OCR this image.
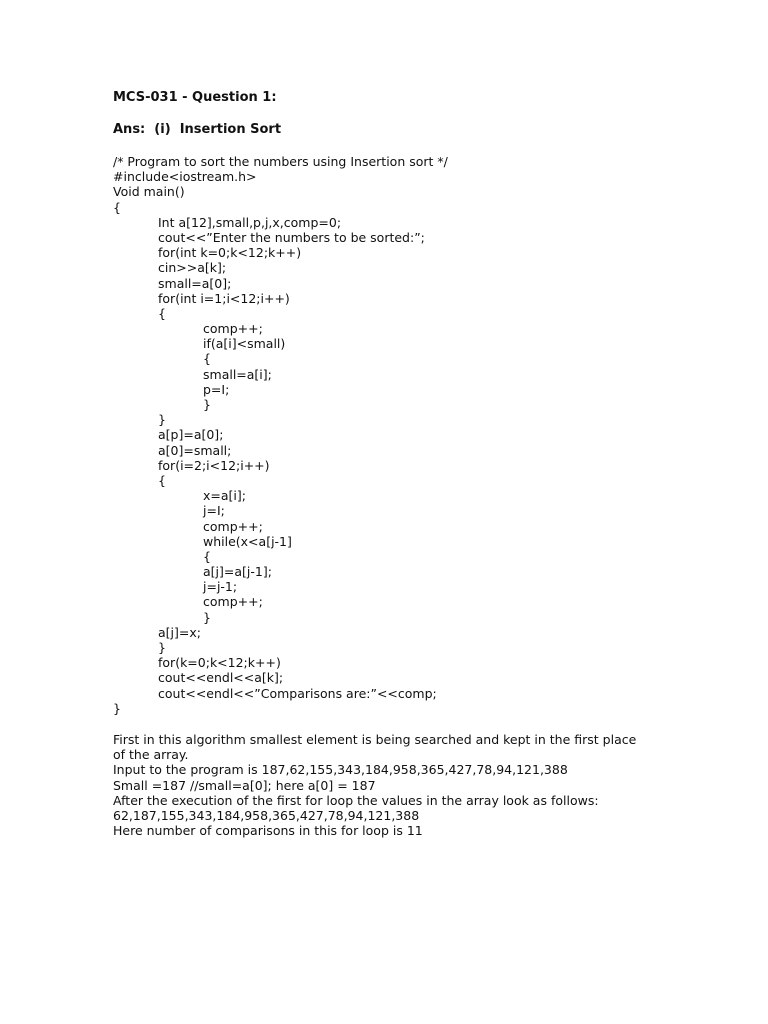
MCS-031 - Question 1:
Ans:  (i)  Insertion Sort
/* Program to sort the numbers using Insertion sort */
#include<iostream.h>
Void main()
{
Int a[12],small,p,j,x,comp=0;
cout<<”Enter the numbers to be sorted:”;
for(int k=0;k<12;k++)
cin>>a[k];
small=a[0];
for(int i=1;i<12;i++)
{
comp++;
if(a[i]<small)
{
small=a[i];
p=I;
}
}
a[p]=a[0];
a[0]=small;
for(i=2;i<12;i++)
{
x=a[i];
j=I;
comp++;
while(x<a[j-1]
{
a[j]=a[j-1];
j=j-1;
comp++;
}
a[j]=x;
}
for(k=0;k<12;k++)
cout<<endl<<a[k];
cout<<endl<<”Comparisons are:”<<comp;
}
First in this algorithm smallest element is being searched and kept in the first place
of the array.
Input to the program is 187,62,155,343,184,958,365,427,78,94,121,388
Small =187 //small=a[0]; here a[0] = 187
After the execution of the first for loop the values in the array look as follows:
62,187,155,343,184,958,365,427,78,94,121,388
Here number of comparisons in this for loop is 11
